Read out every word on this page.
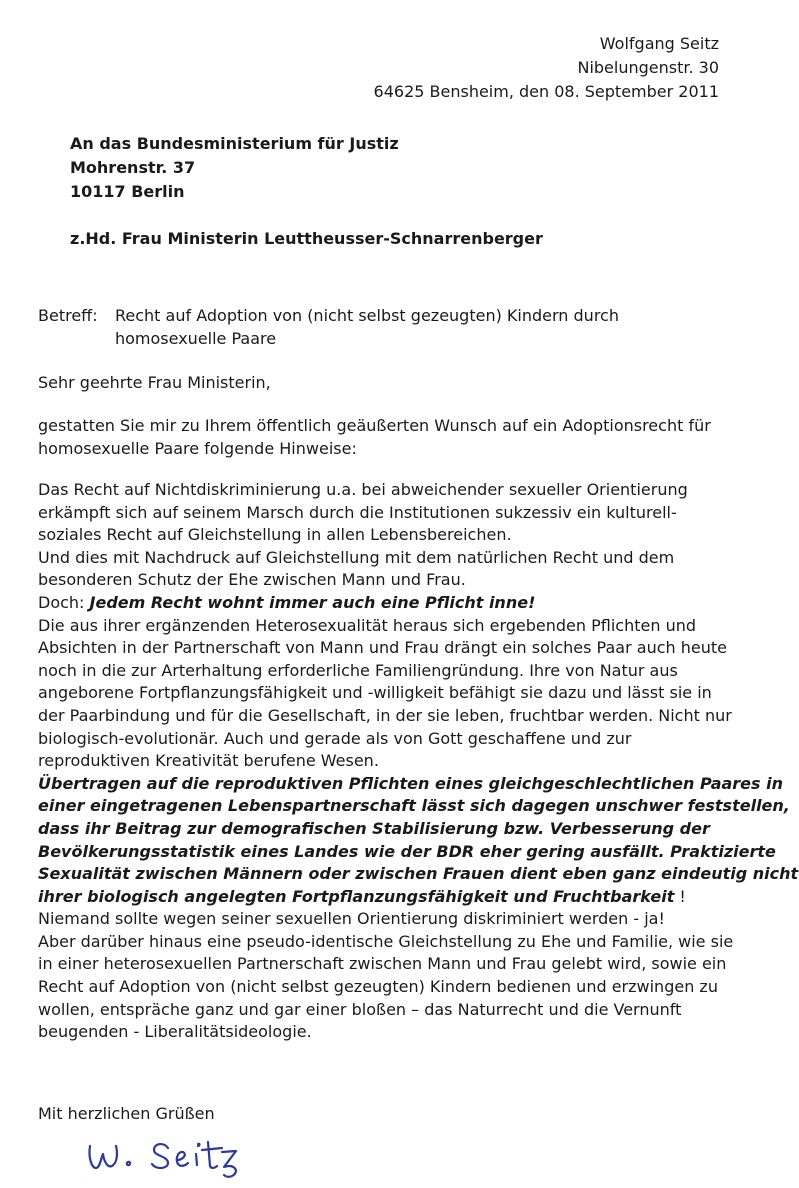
Wolfgang Seitz
Nibelungenstr. 30
64625 Bensheim, den 08. September 2011
An das Bundesministerium für Justiz
Mohrenstr. 37
10117 Berlin
z.Hd. Frau Ministerin Leuttheusser-Schnarrenberger
Betreff: Recht auf Adoption von (nicht selbst gezeugten) Kindern durch
homosexuelle Paare
Sehr geehrte Frau Ministerin,
gestatten Sie mir zu Ihrem öffentlich geäußerten Wunsch auf ein Adoptionsrecht für homosexuelle Paare folgende Hinweise:
Das Recht auf Nichtdiskriminierung u.a. bei abweichender sexueller Orientierung
erkämpft sich auf seinem Marsch durch die Institutionen sukzessiv ein kulturell-
soziales Recht auf Gleichstellung in allen Lebensbereichen.
Und dies mit Nachdruck auf Gleichstellung mit dem natürlichen Recht und dem
besonderen Schutz der Ehe zwischen Mann und Frau.
Doch: Jedem Recht wohnt immer auch eine Pflicht inne!
Die aus ihrer ergänzenden Heterosexualität heraus sich ergebenden Pflichten und
Absichten in der Partnerschaft von Mann und Frau drängt ein solches Paar auch heute
noch in die zur Arterhaltung erforderliche Familiengründung. Ihre von Natur aus
angeborene Fortpflanzungsfähigkeit und -willigkeit befähigt sie dazu und lässt sie in
der Paarbindung und für die Gesellschaft, in der sie leben, fruchtbar werden. Nicht nur
biologisch-evolutionär. Auch und gerade als von Gott geschaffene und zur
reproduktiven Kreativität berufene Wesen.
Übertragen auf die reproduktiven Pflichten eines gleichgeschlechtlichen Paares in
einer eingetragenen Lebenspartnerschaft lässt sich dagegen unschwer feststellen,
dass ihr Beitrag zur demografischen Stabilisierung bzw. Verbesserung der
Bevölkerungsstatistik eines Landes wie der BDR eher gering ausfällt. Praktizierte
Sexualität zwischen Männern oder zwischen Frauen dient eben ganz eindeutig nicht
ihrer biologisch angelegten Fortpflanzungsfähigkeit und Fruchtbarkeit !
Niemand sollte wegen seiner sexuellen Orientierung diskriminiert werden - ja!
Aber darüber hinaus eine pseudo-identische Gleichstellung zu Ehe und Familie, wie sie
in einer heterosexuellen Partnerschaft zwischen Mann und Frau gelebt wird, sowie ein
Recht auf Adoption von (nicht selbst gezeugten) Kindern bedienen und erzwingen zu
wollen, entspräche ganz und gar einer bloßen – das Naturrecht und die Vernunft
beugenden - Liberalitätsideologie.
Mit herzlichen Grüßen
